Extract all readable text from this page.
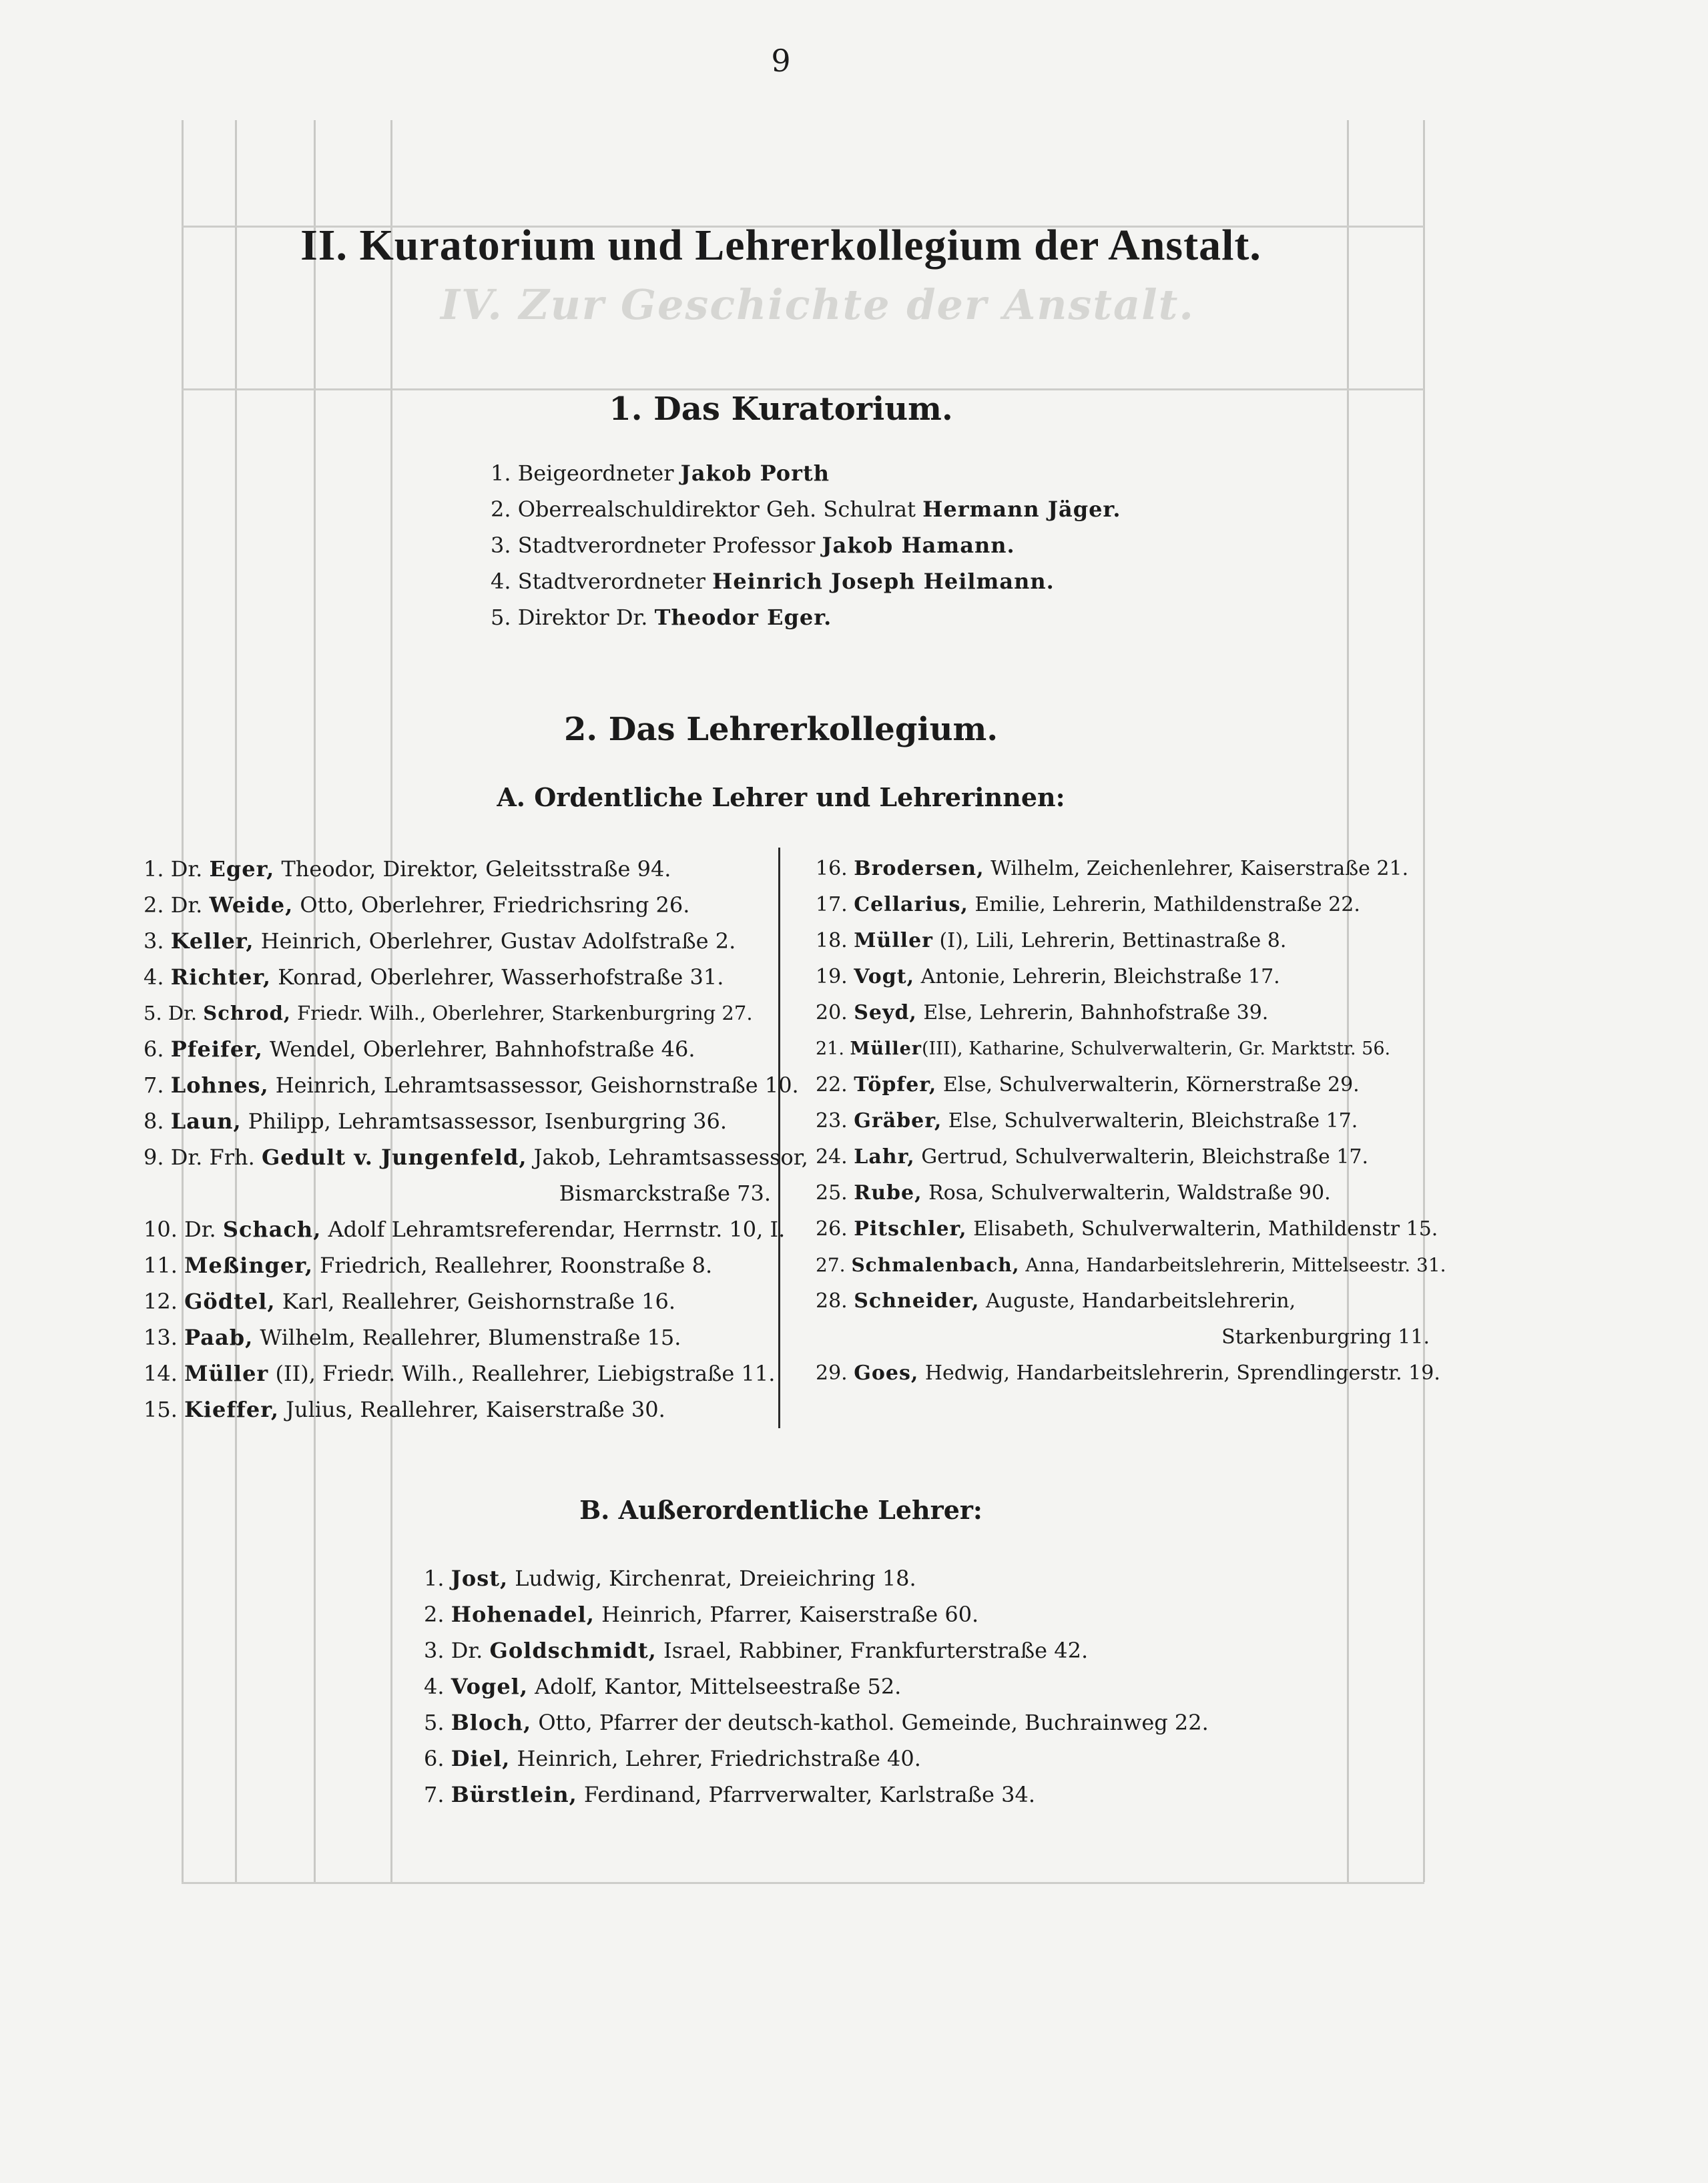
IV. Zur Geschichte der Anstalt.
9
II. Kuratorium und Lehrerkollegium der Anstalt.
1. Das Kuratorium.
1. Beigeordneter Jakob Porth
2. Oberrealschuldirektor Geh. Schulrat Hermann Jäger.
3. Stadtverordneter Professor Jakob Hamann.
4. Stadtverordneter Heinrich Joseph Heilmann.
5. Direktor Dr. Theodor Eger.
2. Das Lehrerkollegium.
A. Ordentliche Lehrer und Lehrerinnen:
1. Dr. Eger, Theodor, Direktor, Geleitsstraße 94.
2. Dr. Weide, Otto, Oberlehrer, Friedrichsring 26.
3. Keller, Heinrich, Oberlehrer, Gustav Adolfstraße 2.
4. Richter, Konrad, Oberlehrer, Wasserhofstraße 31.
5. Dr. Schrod, Friedr. Wilh., Oberlehrer, Starkenburgring 27.
6. Pfeifer, Wendel, Oberlehrer, Bahnhofstraße 46.
7. Lohnes, Heinrich, Lehramtsassessor, Geishornstraße 10.
8. Laun, Philipp, Lehramtsassessor, Isenburgring 36.
9. Dr. Frh. Gedult v. Jungenfeld, Jakob, Lehramtsassessor,
Bismarckstraße 73.
10. Dr. Schach, Adolf Lehramtsreferendar, Herrnstr. 10, I.
11. Meßinger, Friedrich, Reallehrer, Roonstraße 8.
12. Gödtel, Karl, Reallehrer, Geishornstraße 16.
13. Paab, Wilhelm, Reallehrer, Blumenstraße 15.
14. Müller (II), Friedr. Wilh., Reallehrer, Liebigstraße 11.
15. Kieffer, Julius, Reallehrer, Kaiserstraße 30.
16. Brodersen, Wilhelm, Zeichenlehrer, Kaiserstraße 21.
17. Cellarius, Emilie, Lehrerin, Mathildenstraße 22.
18. Müller (I), Lili, Lehrerin, Bettinastraße 8.
19. Vogt, Antonie, Lehrerin, Bleichstraße 17.
20. Seyd, Else, Lehrerin, Bahnhofstraße 39.
21. Müller(III), Katharine, Schulverwalterin, Gr. Marktstr. 56.
22. Töpfer, Else, Schulverwalterin, Körnerstraße 29.
23. Gräber, Else, Schulverwalterin, Bleichstraße 17.
24. Lahr, Gertrud, Schulverwalterin, Bleichstraße 17.
25. Rube, Rosa, Schulverwalterin, Waldstraße 90.
26. Pitschler, Elisabeth, Schulverwalterin, Mathildenstr 15.
27. Schmalenbach, Anna, Handarbeitslehrerin, Mittelseestr. 31.
28. Schneider, Auguste, Handarbeitslehrerin,
Starkenburgring 11.
29. Goes, Hedwig, Handarbeitslehrerin, Sprendlingerstr. 19.
B. Außerordentliche Lehrer:
1. Jost, Ludwig, Kirchenrat, Dreieichring 18.
2. Hohenadel, Heinrich, Pfarrer, Kaiserstraße 60.
3. Dr. Goldschmidt, Israel, Rabbiner, Frankfurterstraße 42.
4. Vogel, Adolf, Kantor, Mittelseestraße 52.
5. Bloch, Otto, Pfarrer der deutsch-kathol. Gemeinde, Buchrainweg 22.
6. Diel, Heinrich, Lehrer, Friedrichstraße 40.
7. Bürstlein, Ferdinand, Pfarrverwalter, Karlstraße 34.
